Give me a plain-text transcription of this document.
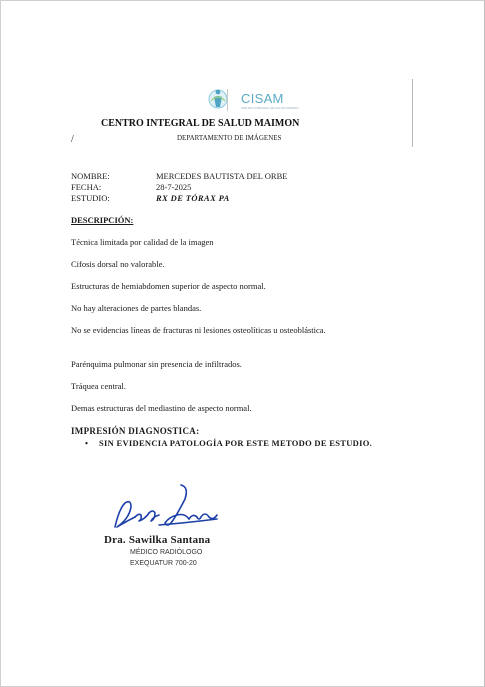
CISAM
CENTRO INTEGRAL DE SALUD MAIMON
CENTRO INTEGRAL DE SALUD MAIMON
/	DEPARTAMENTO DE IMÁGENES
NOMBRE:	MERCEDES BAUTISTA DEL ORBE
FECHA:	28-7-2025
ESTUDIO:	RX DE TÓRAX PA
DESCRIPCIÓN:

Técnica limitada por calidad de la imagen

Cifosis dorsal no valorable.

Estructuras de hemiabdomen superior de aspecto normal.

No hay alteraciones de partes blandas.

No se evidencias líneas de fracturas ni lesiones osteolíticas u osteoblástica.

Parénquima pulmonar sin presencia de infiltrados.

Tráquea central.

Demas estructuras del mediastino de aspecto normal.

IMPRESIÓN DIAGNOSTICA:
• SIN EVIDENCIA PATOLOGÍA POR ESTE METODO DE ESTUDIO.
Dra. Sawilka Santana
MÉDICO RADIÓLOGO
EXEQUATUR 700-20
